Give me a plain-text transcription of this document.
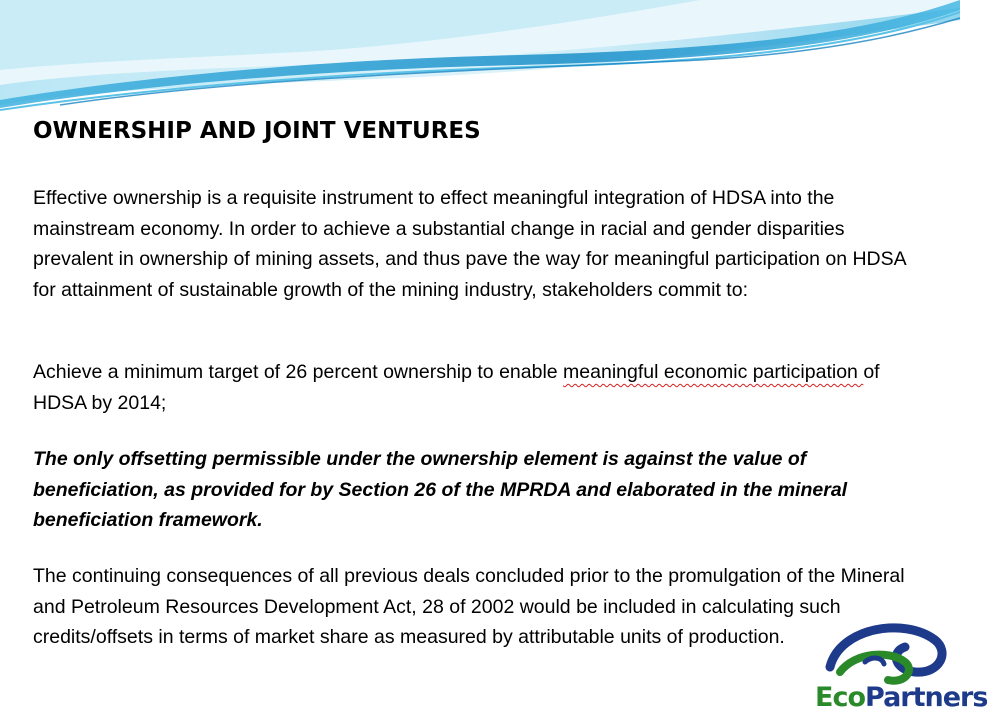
OWNERSHIP AND JOINT VENTURES

Effective ownership is a requisite instrument to effect meaningful integration of HDSA into the mainstream economy. In order to achieve a substantial change in racial and gender disparities prevalent in ownership of mining assets, and thus pave the way for meaningful participation on HDSA for attainment of sustainable growth of the mining industry, stakeholders commit to:

Achieve a minimum target of 26 percent ownership to enable meaningful economic participation of HDSA by 2014;

The only offsetting permissible under the ownership element is against the value of beneficiation, as provided for by Section 26 of the MPRDA and elaborated in the mineral beneficiation framework.

The continuing consequences of all previous deals concluded prior to the promulgation of the Mineral and Petroleum Resources Development Act, 28 of 2002 would be included in calculating such credits/offsets in terms of market share as measured by attributable units of production.

EcoPartners
